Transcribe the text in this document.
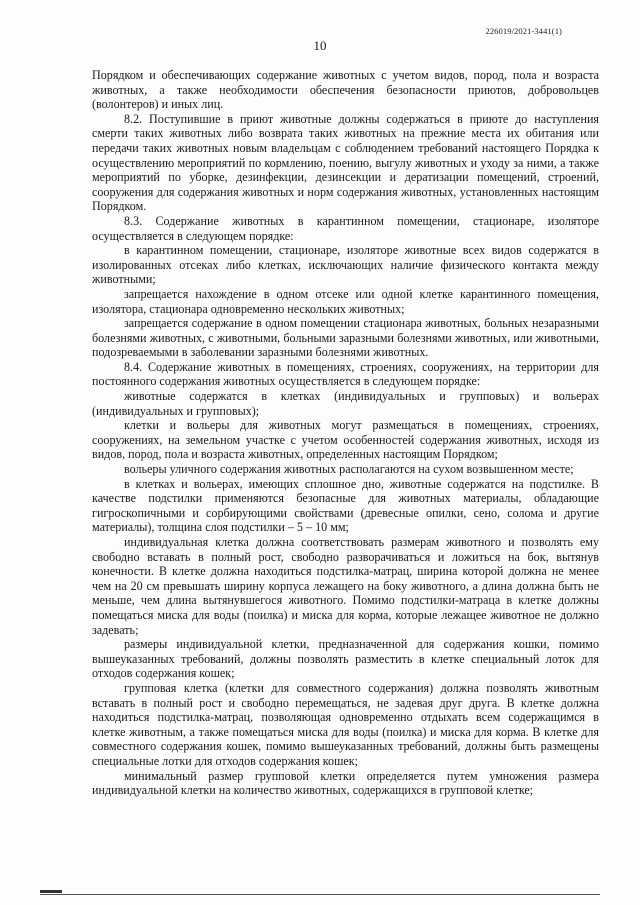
226019/2021-3441(1)
10

Порядком и обеспечивающих содержание животных с учетом видов, пород, пола и возраста животных, а также необходимости обеспечения безопасности приютов, добровольцев (волонтеров) и иных лиц.

8.2. Поступившие в приют животные должны содержаться в приюте до наступления смерти таких животных либо возврата таких животных на прежние места их обитания или передачи таких животных новым владельцам с соблюдением требований настоящего Порядка к осуществлению мероприятий по кормлению, поению, выгулу животных и уходу за ними, а также мероприятий по уборке, дезинфекции, дезинсекции и дератизации помещений, строений, сооружения для содержания животных и норм содержания животных, установленных настоящим Порядком.

8.3. Содержание животных в карантинном помещении, стационаре, изоляторе осуществляется в следующем порядке:

в карантинном помещении, стационаре, изоляторе животные всех видов содержатся в изолированных отсеках либо клетках, исключающих наличие физического контакта между животными;

запрещается нахождение в одном отсеке или одной клетке карантинного помещения, изолятора, стационара одновременно нескольких животных;

запрещается содержание в одном помещении стационара животных, больных незаразными болезнями животных, с животными, больными заразными болезнями животных, или животными, подозреваемыми в заболевании заразными болезнями животных.

8.4. Содержание животных в помещениях, строениях, сооружениях, на территории для постоянного содержания животных осуществляется в следующем порядке:

животные содержатся в клетках (индивидуальных и групповых) и вольерах (индивидуальных и групповых);

клетки и вольеры для животных могут размещаться в помещениях, строениях, сооружениях, на земельном участке с учетом особенностей содержания животных, исходя из видов, пород, пола и возраста животных, определенных настоящим Порядком;

вольеры уличного содержания животных располагаются на сухом возвышенном месте;

в клетках и вольерах, имеющих сплошное дно, животные содержатся на подстилке. В качестве подстилки применяются безопасные для животных материалы, обладающие гигроскопичными и сорбирующими свойствами (древесные опилки, сено, солома и другие материалы), толщина слоя подстилки – 5 – 10 мм;

индивидуальная клетка должна соответствовать размерам животного и позволять ему свободно вставать в полный рост, свободно разворачиваться и ложиться на бок, вытянув конечности. В клетке должна находиться подстилка-матрац, ширина которой должна не менее чем на 20 см превышать ширину корпуса лежащего на боку животного, а длина должна быть не меньше, чем длина вытянувшегося животного. Помимо подстилки-матраца в клетке должны помещаться миска для воды (поилка) и миска для корма, которые лежащее животное не должно задевать;

размеры индивидуальной клетки, предназначенной для содержания кошки, помимо вышеуказанных требований, должны позволять разместить в клетке специальный лоток для отходов содержания кошек;

групповая клетка (клетки для совместного содержания) должна позволять животным вставать в полный рост и свободно перемещаться, не задевая друг друга. В клетке должна находиться подстилка-матрац, позволяющая одновременно отдыхать всем содержащимся в клетке животным, а также помещаться миска для воды (поилка) и миска для корма. В клетке для совместного содержания кошек, помимо вышеуказанных требований, должны быть размещены специальные лотки для отходов содержания кошек;

минимальный размер групповой клетки определяется путем умножения размера индивидуальной клетки на количество животных, содержащихся в групповой клетке;
